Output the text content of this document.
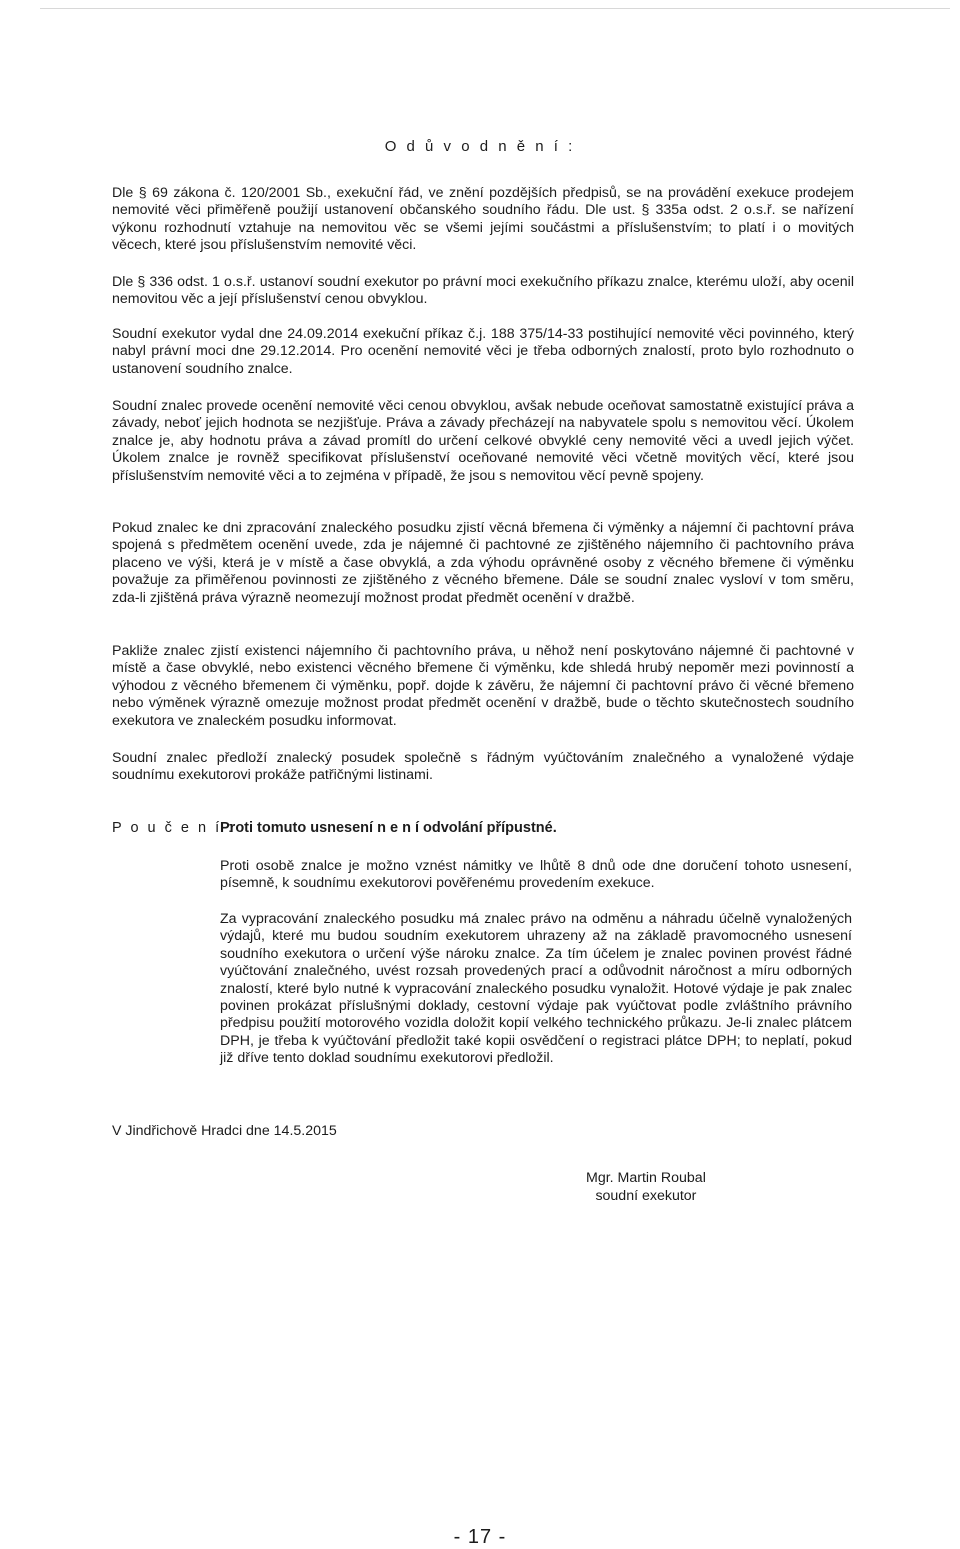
O d ů v o d n ě n í :

Dle § 69 zákona č. 120/2001 Sb., exekuční řád, ve znění pozdějších předpisů, se na provádění exekuce prodejem nemovité věci přiměřeně použijí ustanovení občanského soudního řádu. Dle ust. § 335a odst. 2 o.s.ř. se nařízení výkonu rozhodnutí vztahuje na nemovitou věc se všemi jejími součástmi a příslušenstvím; to platí i o movitých věcech, které jsou příslušenstvím nemovité věci.

Dle § 336 odst. 1 o.s.ř. ustanoví soudní exekutor po právní moci exekučního příkazu znalce, kterému uloží, aby ocenil nemovitou věc a její příslušenství cenou obvyklou.

Soudní exekutor vydal dne 24.09.2014 exekuční příkaz č.j. 188 375/14-33 postihující nemovité věci povinného, který nabyl právní moci dne 29.12.2014. Pro ocenění nemovité věci je třeba odborných znalostí, proto bylo rozhodnuto o ustanovení soudního znalce.

Soudní znalec provede ocenění nemovité věci cenou obvyklou, avšak nebude oceňovat samostatně existující práva a závady, neboť jejich hodnota se nezjišťuje. Práva a závady přecházejí na nabyvatele spolu s nemovitou věcí. Úkolem znalce je, aby hodnotu práva a závad promítl do určení celkové obvyklé ceny nemovité věci a uvedl jejich výčet. Úkolem znalce je rovněž specifikovat příslušenství oceňované nemovité věci včetně movitých věcí, které jsou příslušenstvím nemovité věci a to zejména v případě, že jsou s nemovitou věcí pevně spojeny.

Pokud znalec ke dni zpracování znaleckého posudku zjistí věcná břemena či výměnky a nájemní či pachtovní práva spojená s předmětem ocenění uvede, zda je nájemné či pachtovné ze zjištěného nájemního či pachtovního práva placeno ve výši, která je v místě a čase obvyklá, a zda výhodu oprávněné osoby z věcného břemene či výměnku považuje za přiměřenou povinnosti ze zjištěného z věcného břemene. Dále se soudní znalec vysloví v tom směru, zda-li zjištěná práva výrazně neomezují možnost prodat předmět ocenění v dražbě.

Pakliže znalec zjistí existenci nájemního či pachtovního práva, u něhož není poskytováno nájemné či pachtovné v místě a čase obvyklé, nebo existenci věcného břemene či výměnku, kde shledá hrubý nepoměr mezi povinností a výhodou z věcného břemenem či výměnku, popř. dojde k závěru, že nájemní či pachtovní právo či věcné břemeno nebo výměnek výrazně omezuje možnost prodat předmět ocenění v dražbě, bude o těchto skutečnostech soudního exekutora ve znaleckém posudku informovat.

Soudní znalec předloží znalecký posudek společně s řádným vyúčtováním znalečného a vynaložené výdaje soudnímu exekutorovi prokáže patřičnými listinami.

P o u č e n í :
Proti tomuto usnesení n e n í odvolání přípustné.

Proti osobě znalce je možno vznést námitky ve lhůtě 8 dnů ode dne doručení tohoto usnesení, písemně, k soudnímu exekutorovi pověřenému provedením exekuce.

Za vypracování znaleckého posudku má znalec právo na odměnu a náhradu účelně vynaložených výdajů, které mu budou soudním exekutorem uhrazeny až na základě pravomocného usnesení soudního exekutora o určení výše nároku znalce. Za tím účelem je znalec povinen provést řádné vyúčtování znalečného, uvést rozsah provedených prací a odůvodnit náročnost a míru odborných znalostí, které bylo nutné k vypracování znaleckého posudku vynaložit. Hotové výdaje je pak znalec povinen prokázat příslušnými doklady, cestovní výdaje pak vyúčtovat podle zvláštního právního předpisu použití motorového vozidla doložit kopií velkého technického průkazu. Je-li znalec plátcem DPH, je třeba k vyúčtování předložit také kopii osvědčení o registraci plátce DPH; to neplatí, pokud již dříve tento doklad soudnímu exekutorovi předložil.

V Jindřichově Hradci dne 14.5.2015
Mgr. Martin Roubal
soudní exekutor
- 17 -
